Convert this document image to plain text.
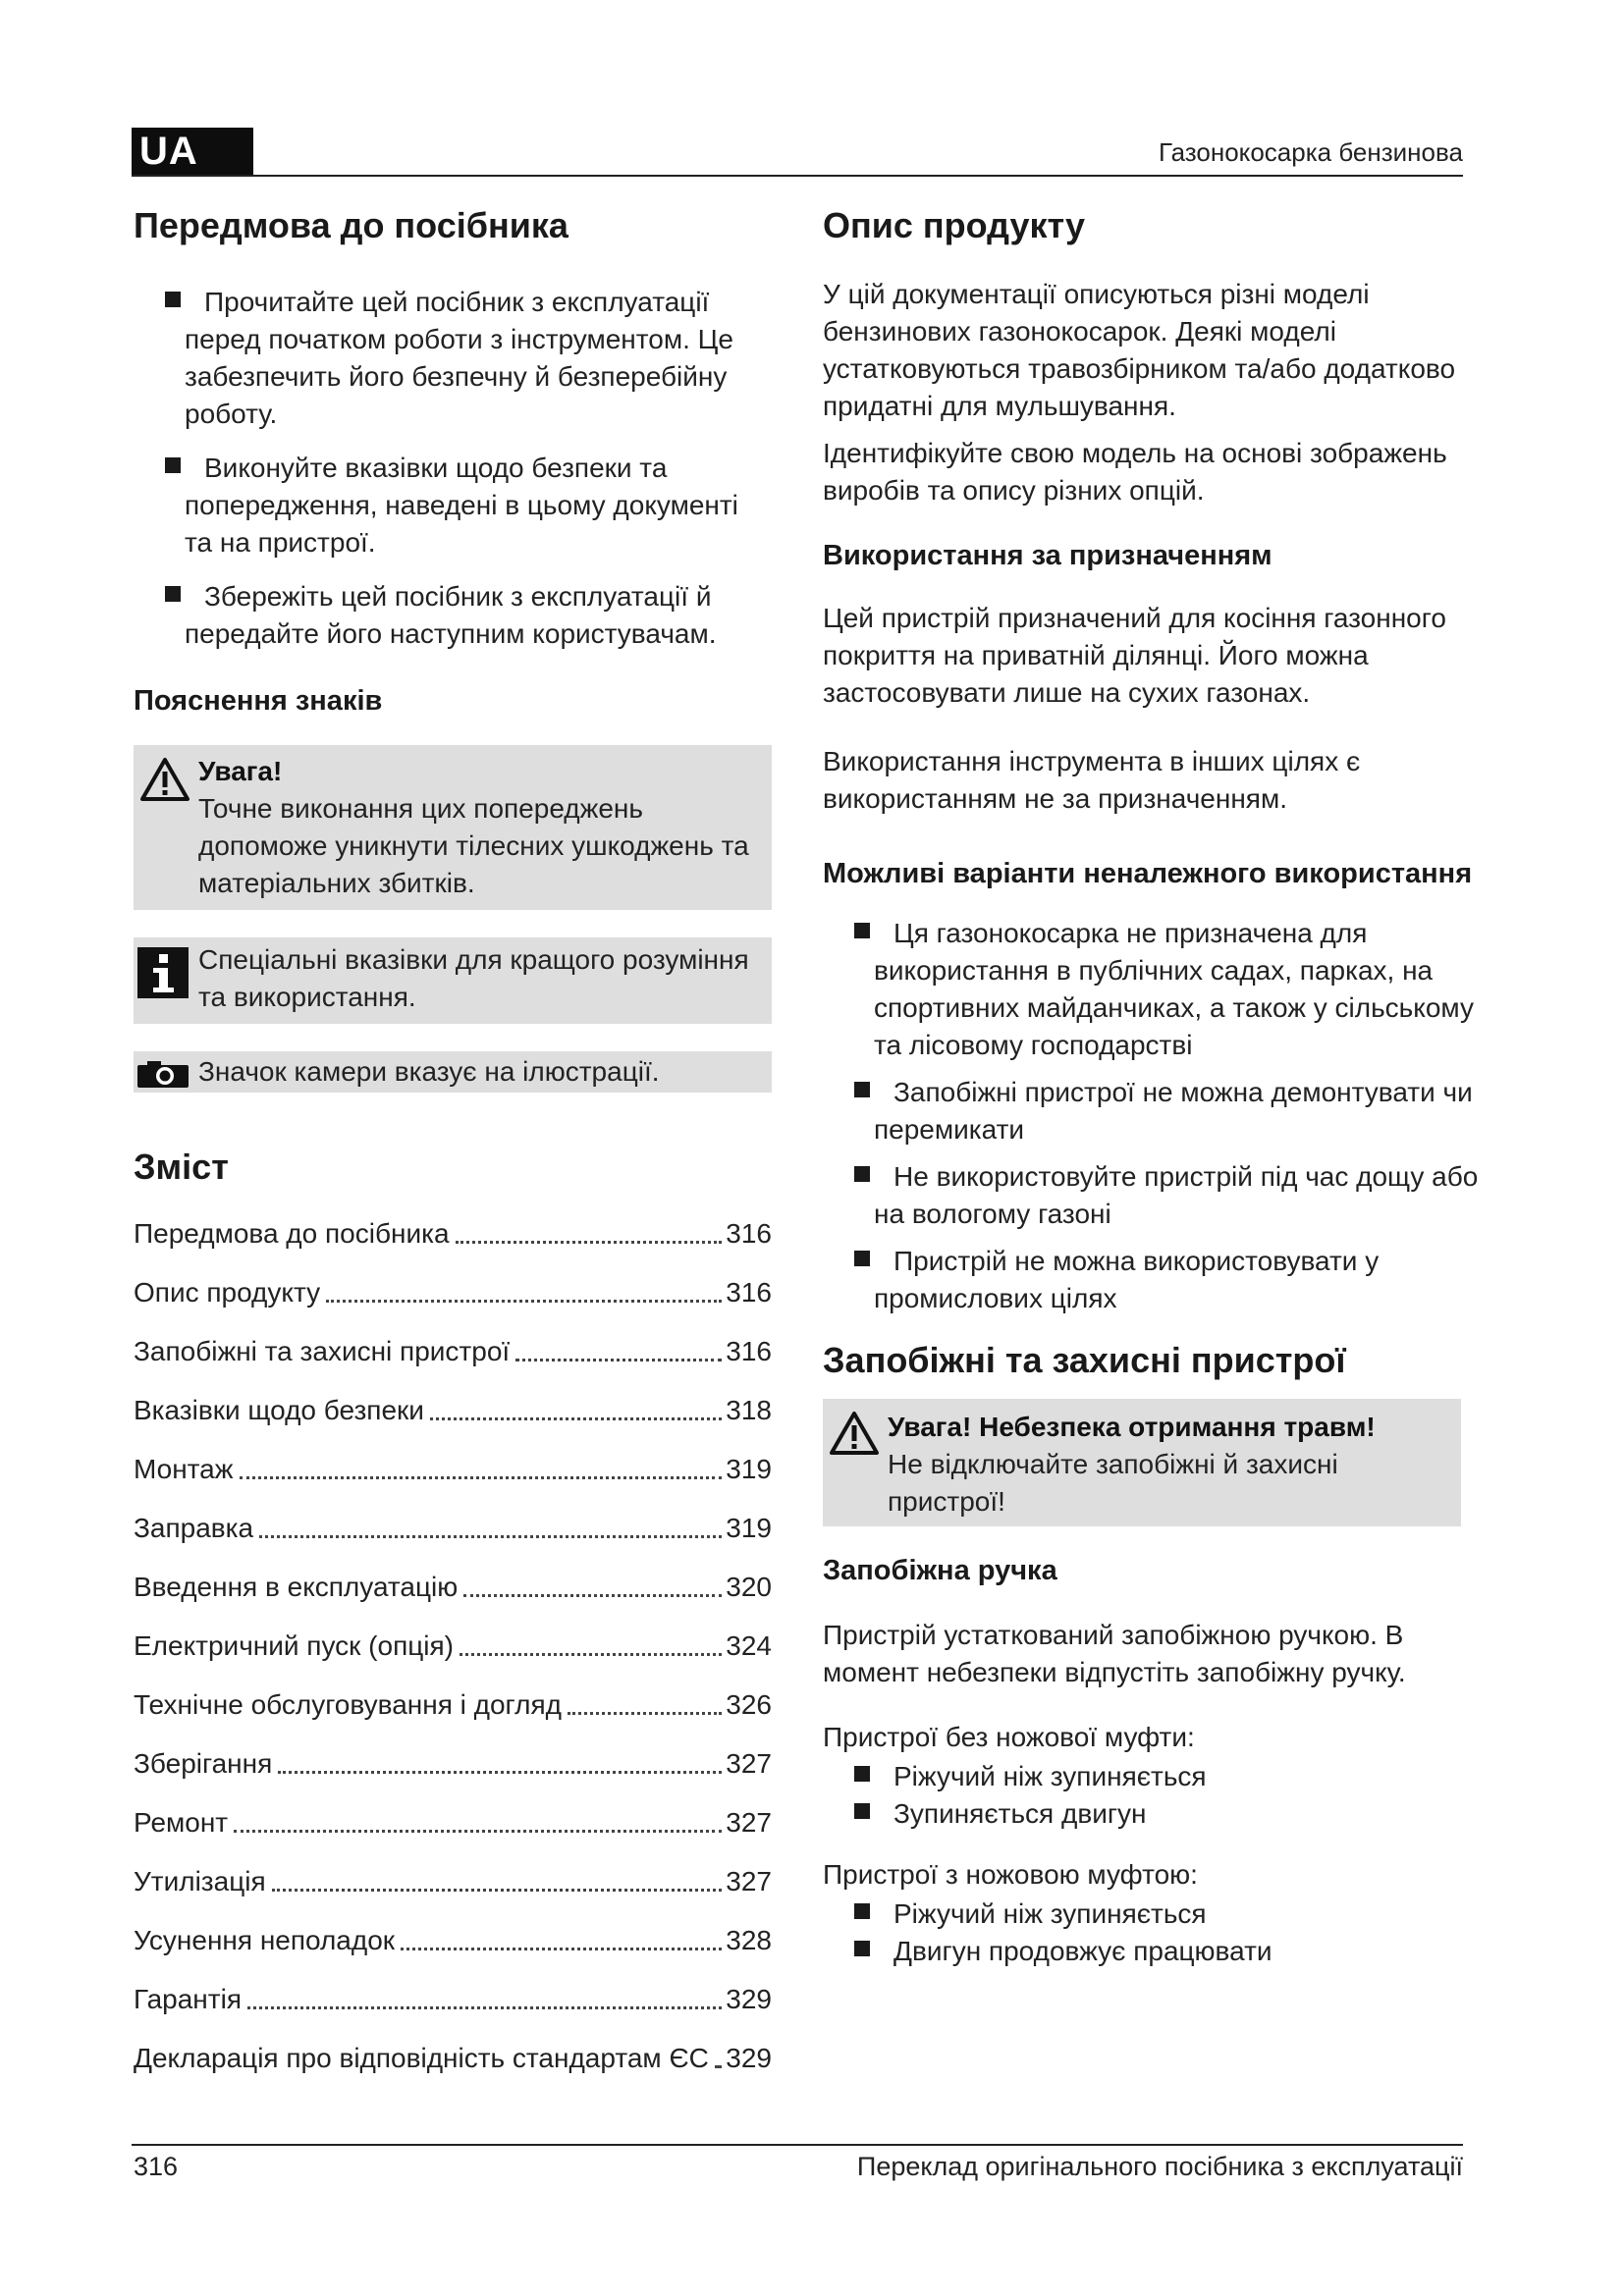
UA	Газонокосарка бензинова
Передмова до посібника
Прочитайте цей посібник з експлуатації перед початком роботи з інструментом. Це забезпечить його безпечну й безперебійну роботу.
Виконуйте вказівки щодо безпеки та попередження, наведені в цьому документі та на пристрої.
Збережіть цей посібник з експлуатації й передайте його наступним користувачам.
Пояснення знаків
Увага!
Точне виконання цих попереджень допоможе уникнути тілесних ушкоджень та матеріальних збитків.
Спеціальні вказівки для кращого розуміння та використання.
Значок камери вказує на ілюстрації.
Зміст
Передмова до посібника	316
Опис продукту	316
Запобіжні та захисні пристрої	316
Вказівки щодо безпеки	318
Монтаж	319
Заправка	319
Введення в експлуатацію	320
Електричний пуск (опція)	324
Технічне обслуговування і догляд	326
Зберігання	327
Ремонт	327
Утилізація	327
Усунення неполадок	328
Гарантія	329
Декларація про відповідність стандартам ЄС 329
Опис продукту

У цій документації описуються різні моделі бензинових газонокосарок. Деякі моделі устатковуються травозбірником та/або додатково придатні для мульшування.

Ідентифікуйте свою модель на основі зображень виробів та опису різних опцій.

Використання за призначенням

Цей пристрій призначений для косіння газонного покриття на приватній ділянці. Його можна застосовувати лише на сухих газонах.

Використання інструмента в інших цілях є використанням не за призначенням.

Можливі варіанти неналежного використання
Ця газонокосарка не призначена для використання в публічних садах, парках, на спортивних майданчиках, а також у сільському та лісовому господарстві
Запобіжні пристрої не можна демонтувати чи перемикати
Не використовуйте пристрій під час дощу або на вологому газоні
Пристрій не можна використовувати у промислових цілях
Запобіжні та захисні пристрої
Увага! Небезпека отримання травм!
Не відключайте запобіжні й захисні пристрої!
Запобіжна ручка

Пристрій устаткований запобіжною ручкою. В момент небезпеки відпустіть запобіжну ручку.

Пристрої без ножової муфти:

Ріжучий ніж зупиняється
Зупиняється двигун

Пристрої з ножовою муфтою:

Ріжучий ніж зупиняється
Двигун продовжує працювати
316	Переклад оригінального посібника з експлуатації
